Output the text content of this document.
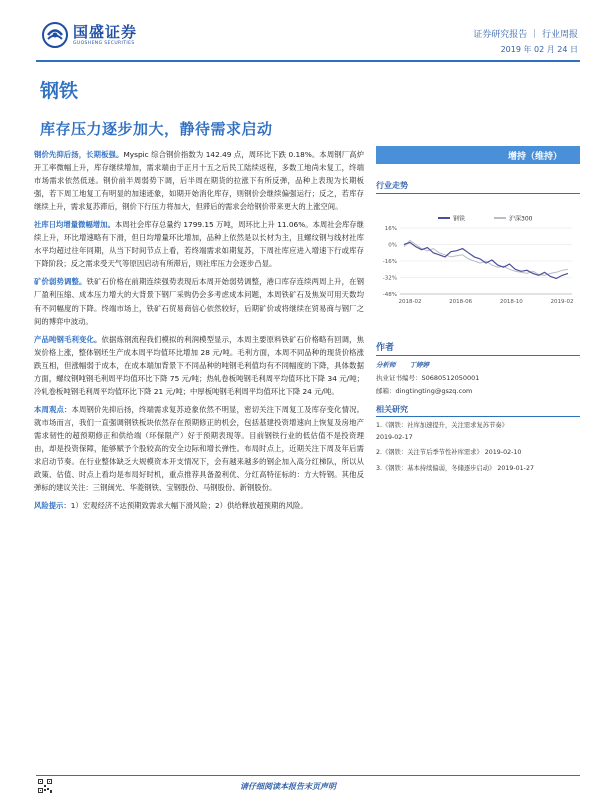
国盛证券
GUOSHENG SECURITIES
证券研究报告 ｜ 行业周报
2019 年 02 月 24 日
钢铁
库存压力逐步加大，静待需求启动

钢价先抑后扬，长期板强。Myspic 综合钢价指数为 142.49 点，周环比下跌 0.18%。本周钢厂高炉开工率微幅上升，库存继续增加，需求端由于正月十五之后民工陆续返程，多数工地尚未复工，终端市场需求依然低迷。钢价前半周弱势下调，后半周在期货的拉涨下有所反弹，品种上表现为长期板强，若下周工地复工有明显的加速迹象，如期开始消化库存，则钢价会继续偏强运行；反之，若库存继续上升，需求复苏滞后，钢价下行压力将加大，但滞后的需求会给钢价带来更大的上涨空间。

社库日均增量微幅增加。本周社会库存总量约 1799.15 万吨，周环比上升 11.06%。本周社会库存继续上升，环比增速略有下滑，但日均增量环比增加，品种上依然是以长材为主，且螺纹钢与线材社库水平均超过往年同期，从当下时间节点上看，若终端需求如期复苏，下周社库应进入增速下行或库存下降阶段；反之需求受天气等原因启动有所滞后，则社库压力会逐步凸显。

矿价弱势调整。铁矿石价格在前期连续强势表现后本周开始弱势调整，港口库存连续两周上升，在钢厂盈利压缩、成本压力增大的大背景下钢厂采购仍会多考虑成本问题，本周铁矿石及焦炭可用天数均有不同幅度的下降。终端市场上，铁矿石贸易商信心依然较好，后期矿价或将继续在贸易商与钢厂之间的博弈中波动。

产品吨钢毛利变化。依据炼钢流程我们模拟的利润模型显示，本周主要原料铁矿石价格略有回调，焦炭价格上涨，整体钢坯生产成本周平均值环比增加 28 元/吨。毛利方面，本周不同品种的现货价格涨跌互相，但涨幅弱于成本，在成本端加背景下不同品种的吨钢毛利值均有不同幅度的下降，具体数据方面，螺纹钢吨钢毛利周平均值环比下降 75 元/吨；热轧卷板吨钢毛利周平均值环比下降 34 元/吨；冷轧卷板吨钢毛利周平均值环比下降 21 元/吨；中厚板吨钢毛利周平均值环比下降 24 元/吨。

本周观点：本周钢价先抑后扬，终端需求复苏迹象依然不明显，密切关注下周复工及库存变化情况。就市场而言，我们一直强调钢铁板块依然存在预期修正的机会，包括基建投资增速向上恢复及房地产需求韧性的超预期修正和供给端（环保限产）好于预期表现等。目前钢铁行业的低估值不是投资理由，却是投资保障，能够赋予个股较高的安全边际和增长弹性。布局时点上，近期关注下周及年后需求启动节奏。在行业整体缺乏大规模资本开支情况下，会有越来越多的钢企加入高分红梯队，所以从政策、估值、时点上看均是布局好时机，重点推荐具备盈利优、分红高特征标的：方大特钢。其他反弹标的建议关注：三钢闽光、华菱钢铁、宝钢股份、马钢股份、新钢股份。

风险提示：1）宏观经济不达预期致需求大幅下滑风险；2）供给释放超预期的风险。

增持（维持）
行业走势
16%
0%
-16%
-32%
-48%
2018-02	2018-06	2018-10	2019-02
钢铁	沪深300
作者
分析师 丁婷婷
执业证书编号：S0680512050001
邮箱：dingtingting@gszq.com
相关研究
1.《钢铁：社库加速提升，关注需求复苏节奏》
2019-02-17
2.《钢铁：关注节后季节性补库需求》 2019-02-10
3.《钢铁：基本持续偏弱，冬储逐步启动》 2019-01-27
请仔细阅读本报告末页声明
